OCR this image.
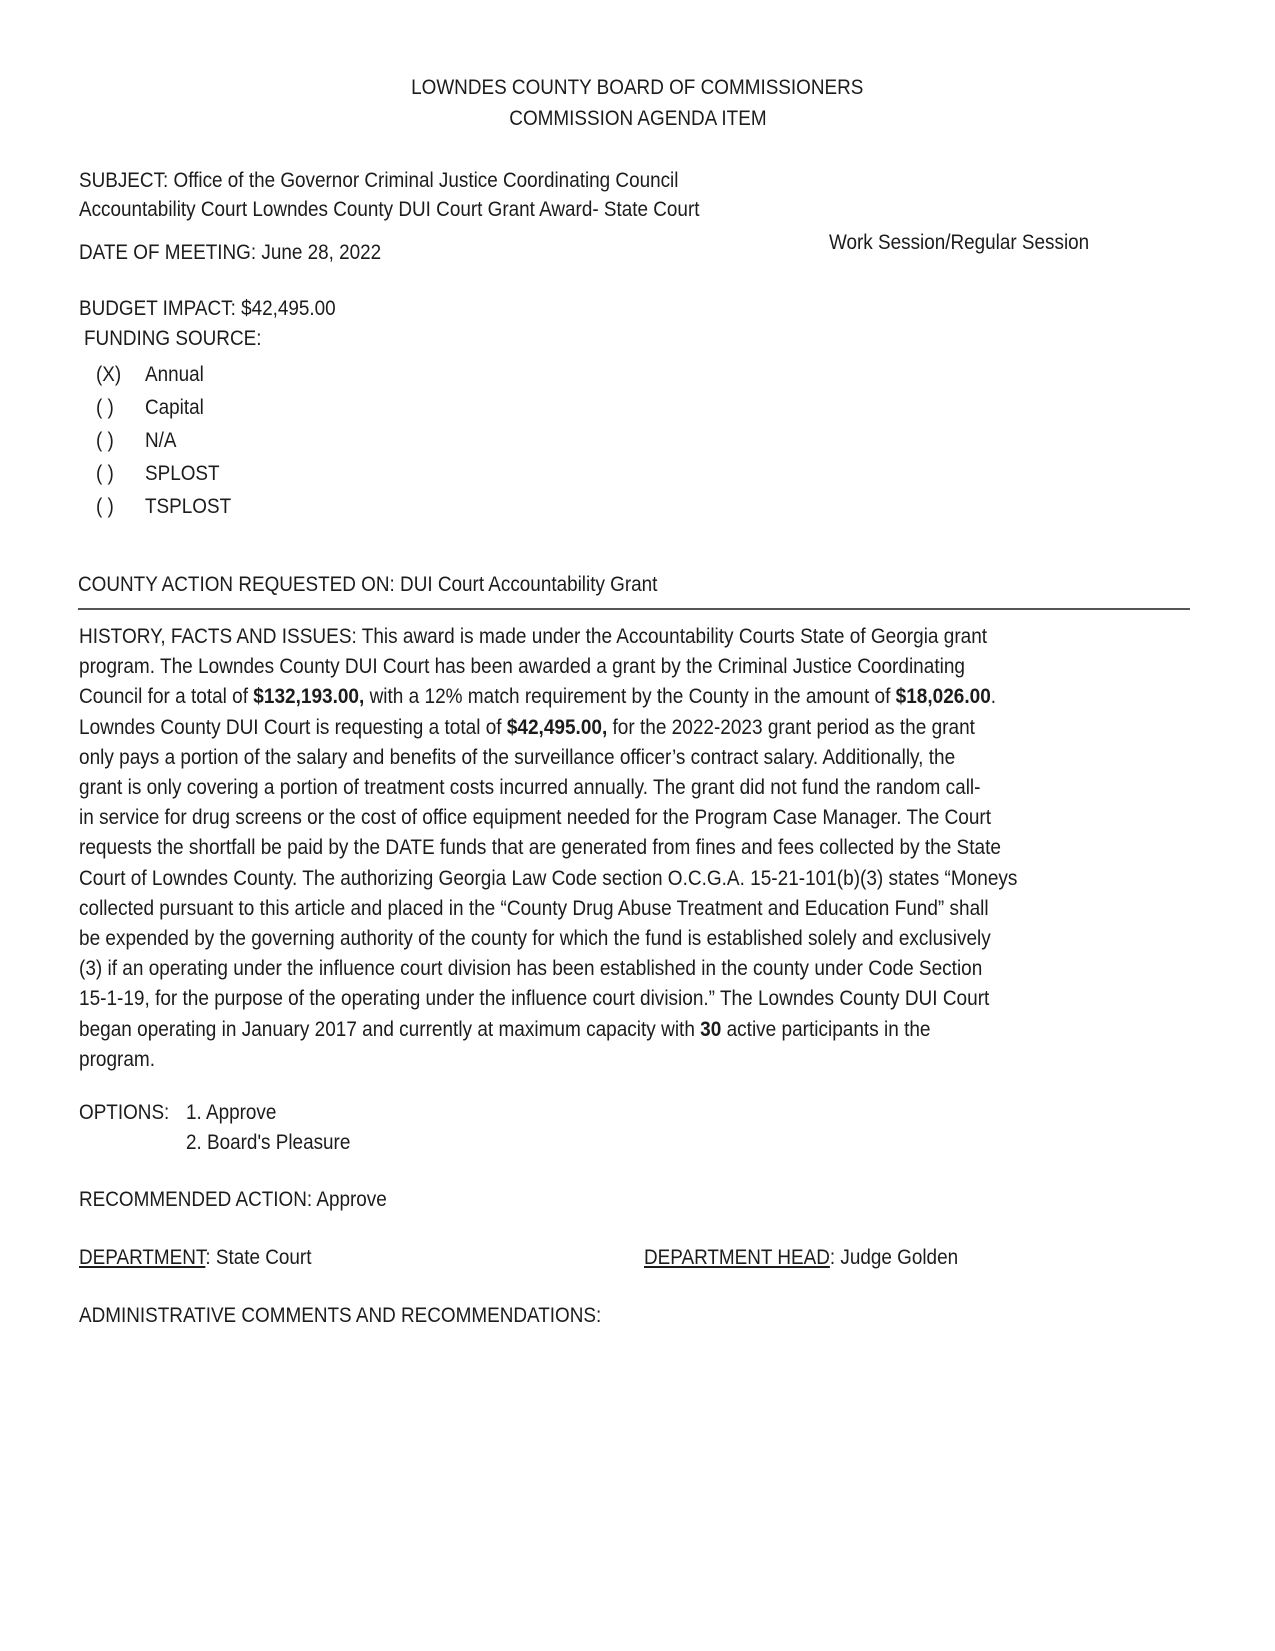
LOWNDES COUNTY BOARD OF COMMISSIONERS
COMMISSION AGENDA ITEM
SUBJECT: Office of the Governor Criminal Justice Coordinating Council
Accountability Court Lowndes County DUI Court Grant Award- State Court
DATE OF MEETING: June 28, 2022	Work Session/Regular Session
BUDGET IMPACT: $42,495.00
FUNDING SOURCE:
(X) Annual
( ) Capital
( ) N/A
( ) SPLOST
( ) TSPLOST
COUNTY ACTION REQUESTED ON: DUI Court Accountability Grant
HISTORY, FACTS AND ISSUES: This award is made under the Accountability Courts State of Georgia grant
program. The Lowndes County DUI Court has been awarded a grant by the Criminal Justice Coordinating
Council for a total of $132,193.00, with a 12% match requirement by the County in the amount of $18,026.00.
Lowndes County DUI Court is requesting a total of $42,495.00, for the 2022-2023 grant period as the grant
only pays a portion of the salary and benefits of the surveillance officer’s contract salary. Additionally, the
grant is only covering a portion of treatment costs incurred annually. The grant did not fund the random call-
in service for drug screens or the cost of office equipment needed for the Program Case Manager. The Court
requests the shortfall be paid by the DATE funds that are generated from fines and fees collected by the State
Court of Lowndes County. The authorizing Georgia Law Code section O.C.G.A. 15-21-101(b)(3) states “Moneys
collected pursuant to this article and placed in the “County Drug Abuse Treatment and Education Fund” shall
be expended by the governing authority of the county for which the fund is established solely and exclusively
(3) if an operating under the influence court division has been established in the county under Code Section
15-1-19, for the purpose of the operating under the influence court division.” The Lowndes County DUI Court
began operating in January 2017 and currently at maximum capacity with 30 active participants in the
program.
OPTIONS: 1. Approve
2. Board's Pleasure
RECOMMENDED ACTION: Approve
DEPARTMENT: State Court	DEPARTMENT HEAD: Judge Golden
ADMINISTRATIVE COMMENTS AND RECOMMENDATIONS:
